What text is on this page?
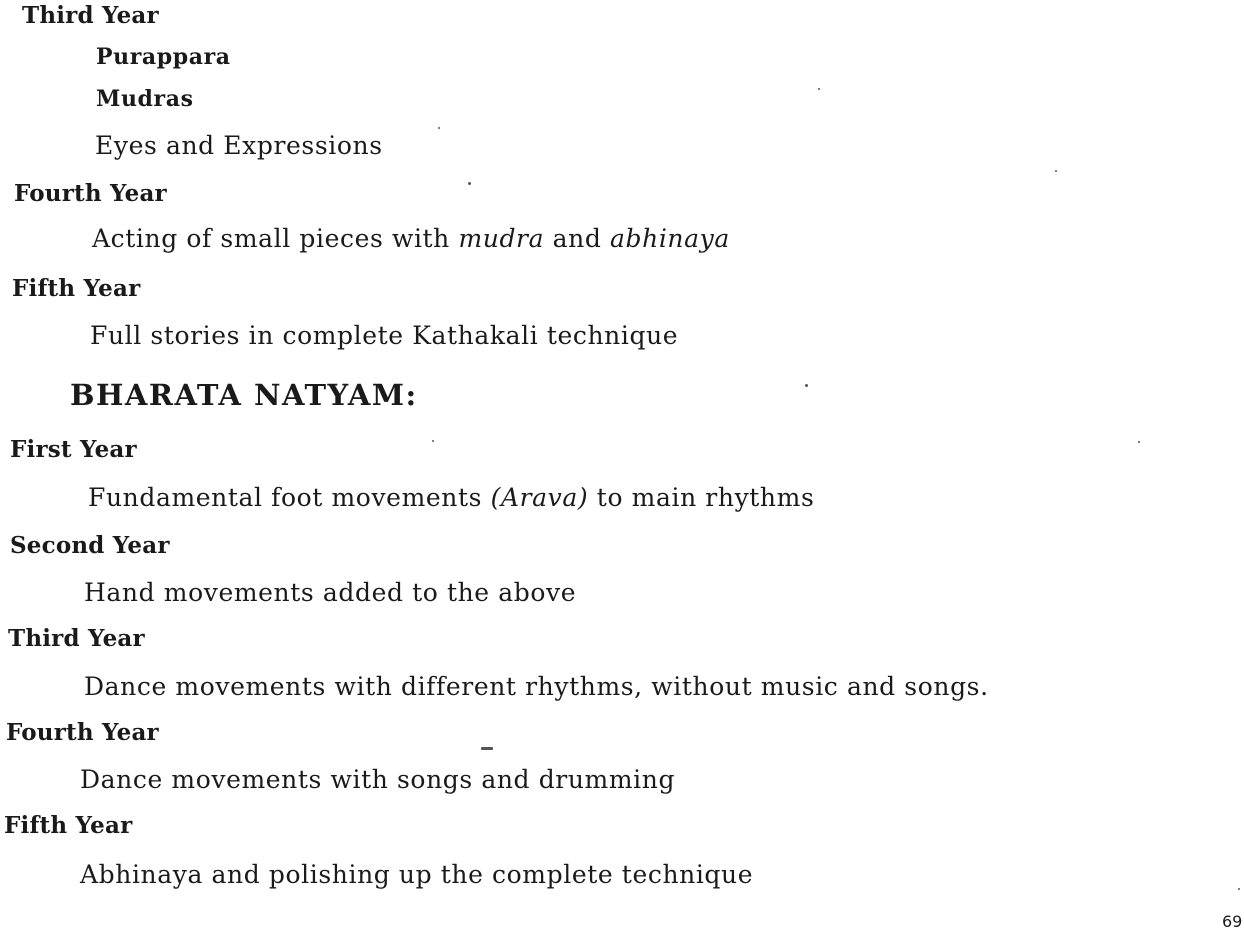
Third Year
Purappara
Mudras
Eyes and Expressions
Fourth Year
Acting of small pieces with mudra and abhinaya
Fifth Year
Full stories in complete Kathakali technique
BHARATA NATYAM:
First Year
Fundamental foot movements (Arava) to main rhythms
Second Year
Hand movements added to the above
Third Year
Dance movements with different rhythms, without music and songs.
Fourth Year
Dance movements with songs and drumming
Fifth Year
Abhinaya and polishing up the complete technique
69
